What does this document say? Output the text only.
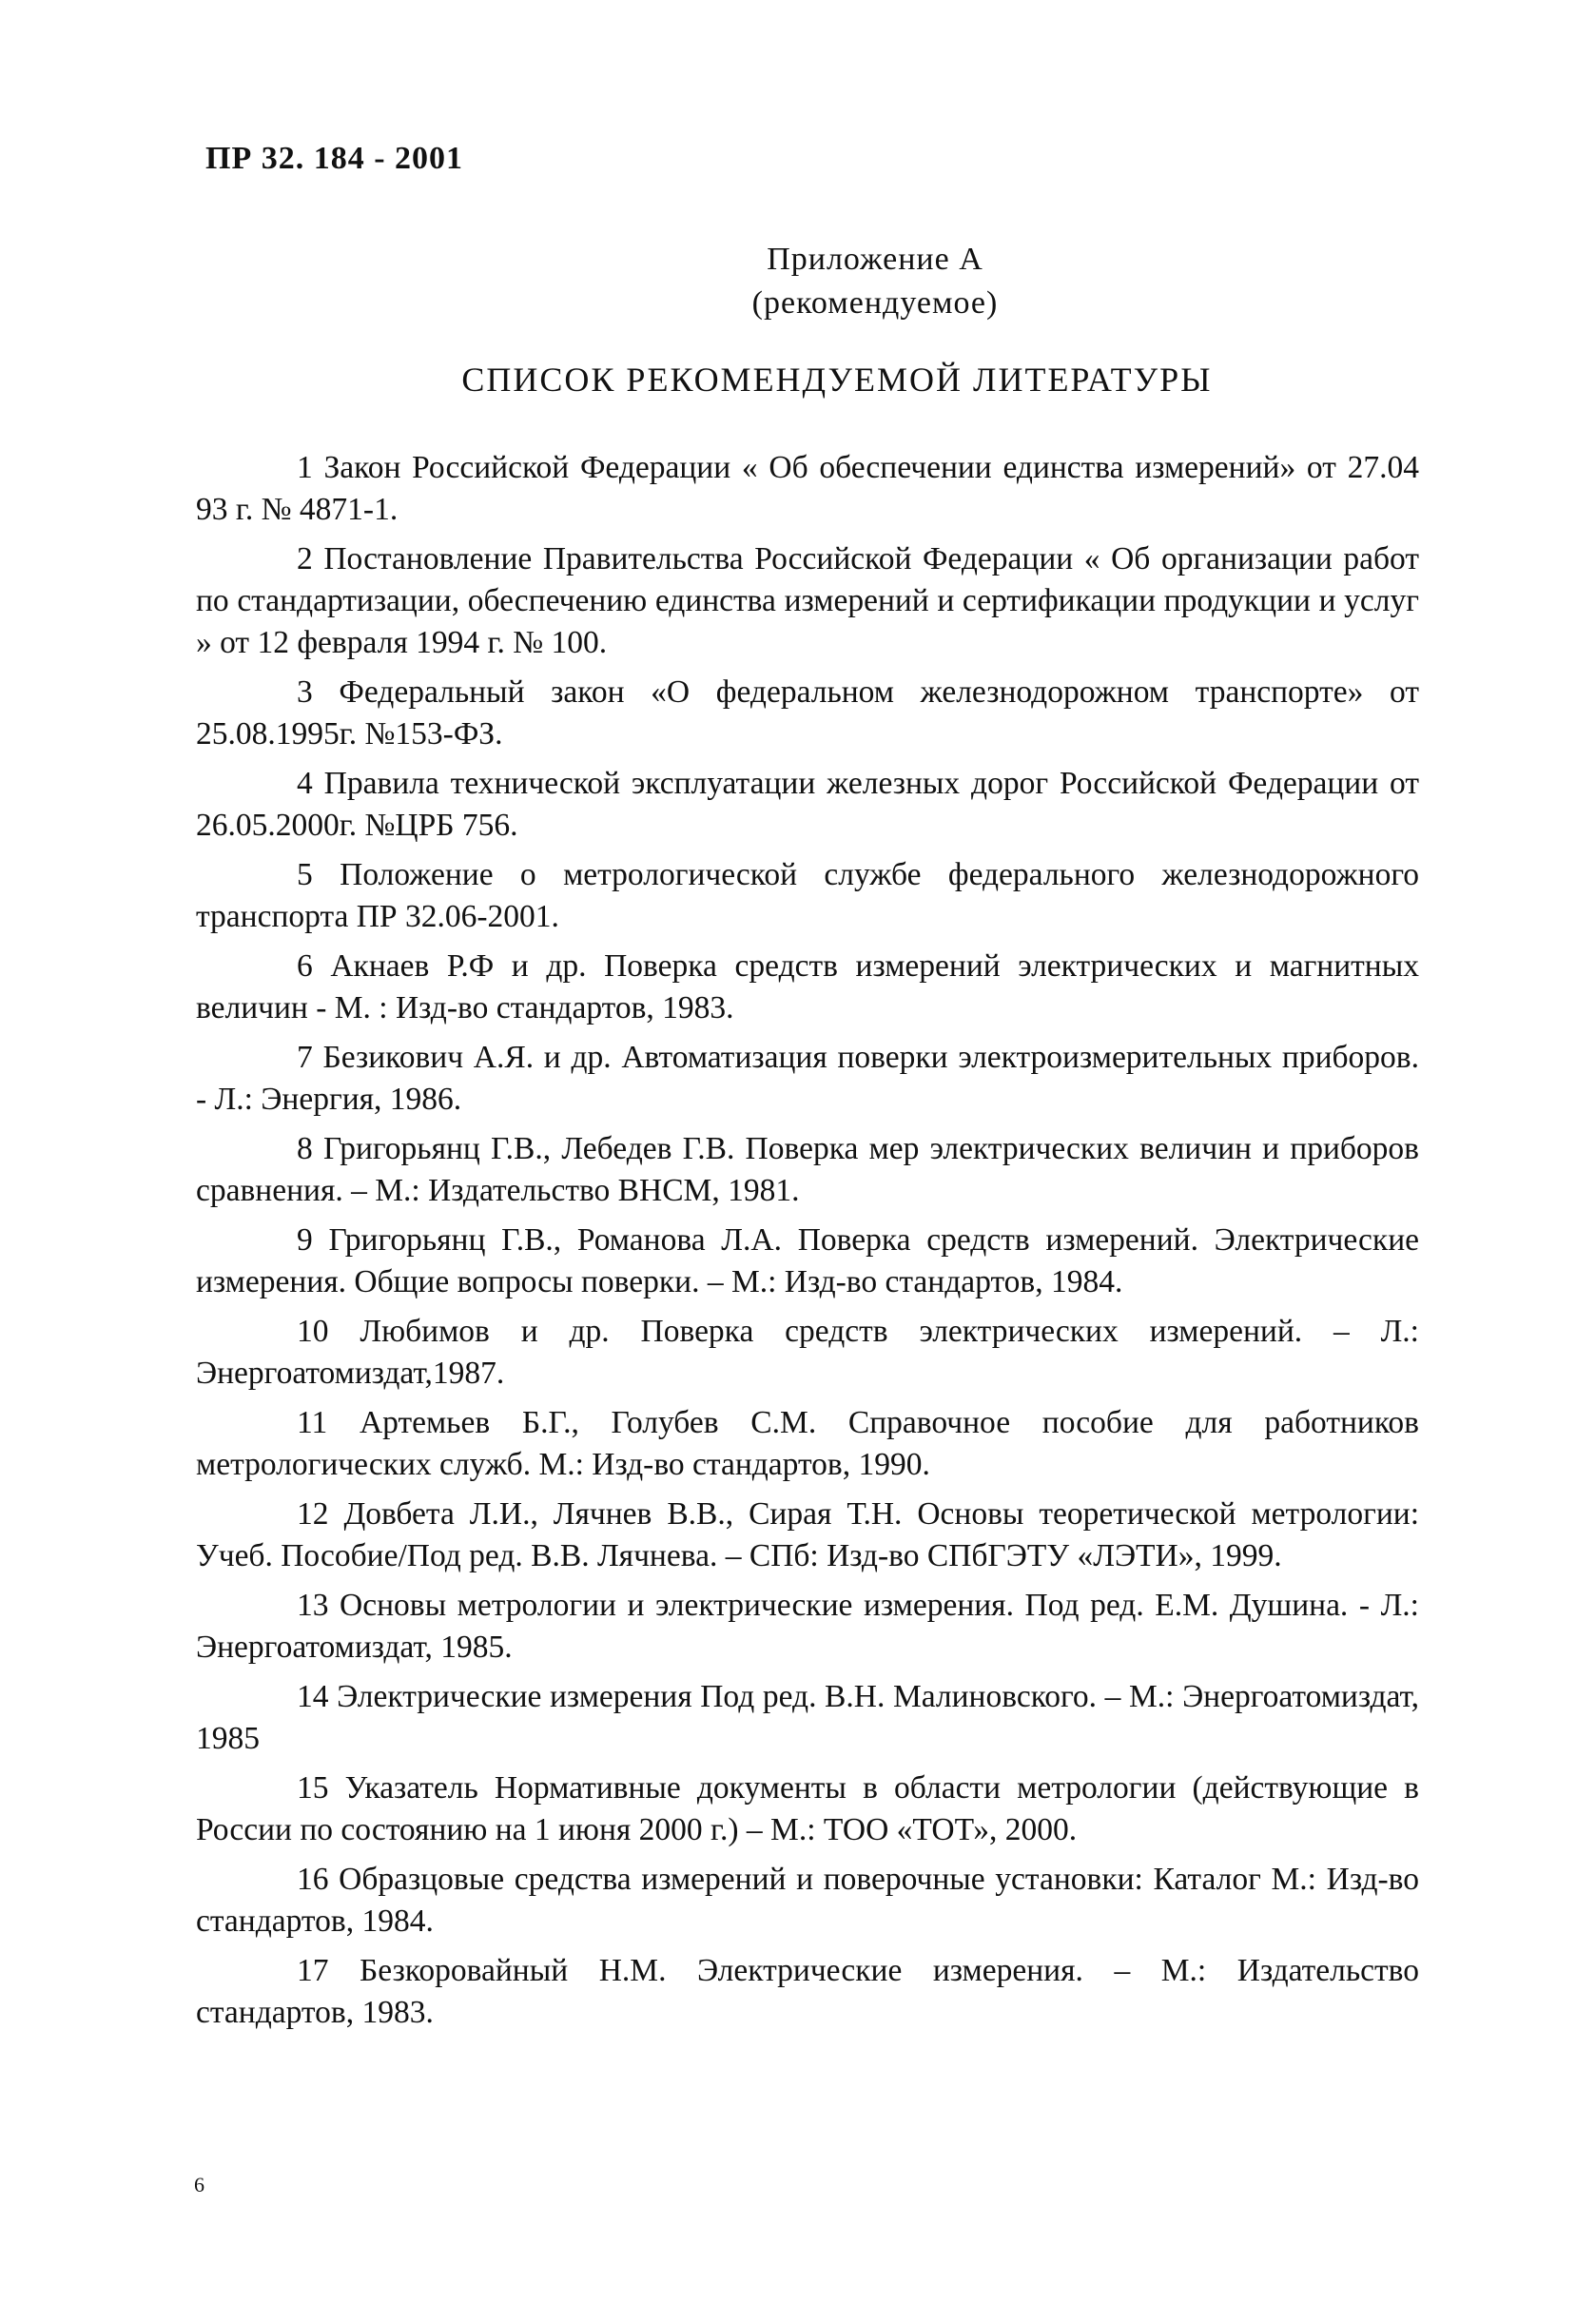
ПР 32. 184 - 2001

Приложение А
(рекомендуемое)
СПИСОК РЕКОМЕНДУЕМОЙ ЛИТЕРАТУРЫ
1 Закон Российской Федерации « Об обеспечении единства измерений» от 27.04 93 г. № 4871-1.
2 Постановление Правительства Российской Федерации « Об организации работ по стандартизации, обеспечению единства измерений и сертификации продукции и услуг » от 12 февраля 1994 г. № 100.
3 Федеральный закон «О федеральном железнодорожном транспорте» от 25.08.1995г. №153-ФЗ.
4 Правила технической эксплуатации железных дорог Российской Федерации от 26.05.2000г. №ЦРБ 756.
5 Положение о метрологической службе федерального железнодорожного транспорта ПР 32.06-2001.
6 Акнаев Р.Ф и др. Поверка средств измерений электрических и магнитных величин - М. : Изд-во стандартов, 1983.
7 Безикович А.Я. и др. Автоматизация поверки электроизмерительных приборов. - Л.: Энергия, 1986.
8 Григорьянц Г.В., Лебедев Г.В. Поверка мер электрических величин и приборов сравнения. – М.: Издательство ВНСМ, 1981.
9 Григорьянц Г.В., Романова Л.А. Поверка средств измерений. Электрические измерения. Общие вопросы поверки. – М.: Изд-во стандартов, 1984.
10 Любимов и др. Поверка средств электрических измерений. – Л.: Энергоатомиздат,1987.
11 Артемьев Б.Г., Голубев С.М. Справочное пособие для работников метрологических служб. М.: Изд-во стандартов, 1990.
12 Довбета Л.И., Лячнев В.В., Сирая Т.Н. Основы теоретической метрологии: Учеб. Пособие/Под ред. В.В. Лячнева. – СПб: Изд-во СПбГЭТУ «ЛЭТИ», 1999.
13 Основы метрологии и электрические измерения. Под ред. Е.М. Душина. - Л.: Энергоатомиздат, 1985.
14 Электрические измерения Под ред. В.Н. Малиновского. – М.: Энергоатомиздат, 1985
15 Указатель Нормативные документы в области метрологии (действующие в России по состоянию на 1 июня 2000 г.) – М.: ТОО «ТОТ», 2000.
16 Образцовые средства измерений и поверочные установки: Каталог М.: Изд-во стандартов, 1984.
17 Безкоровайный Н.М. Электрические измерения. – М.: Издательство стандартов, 1983.
6
